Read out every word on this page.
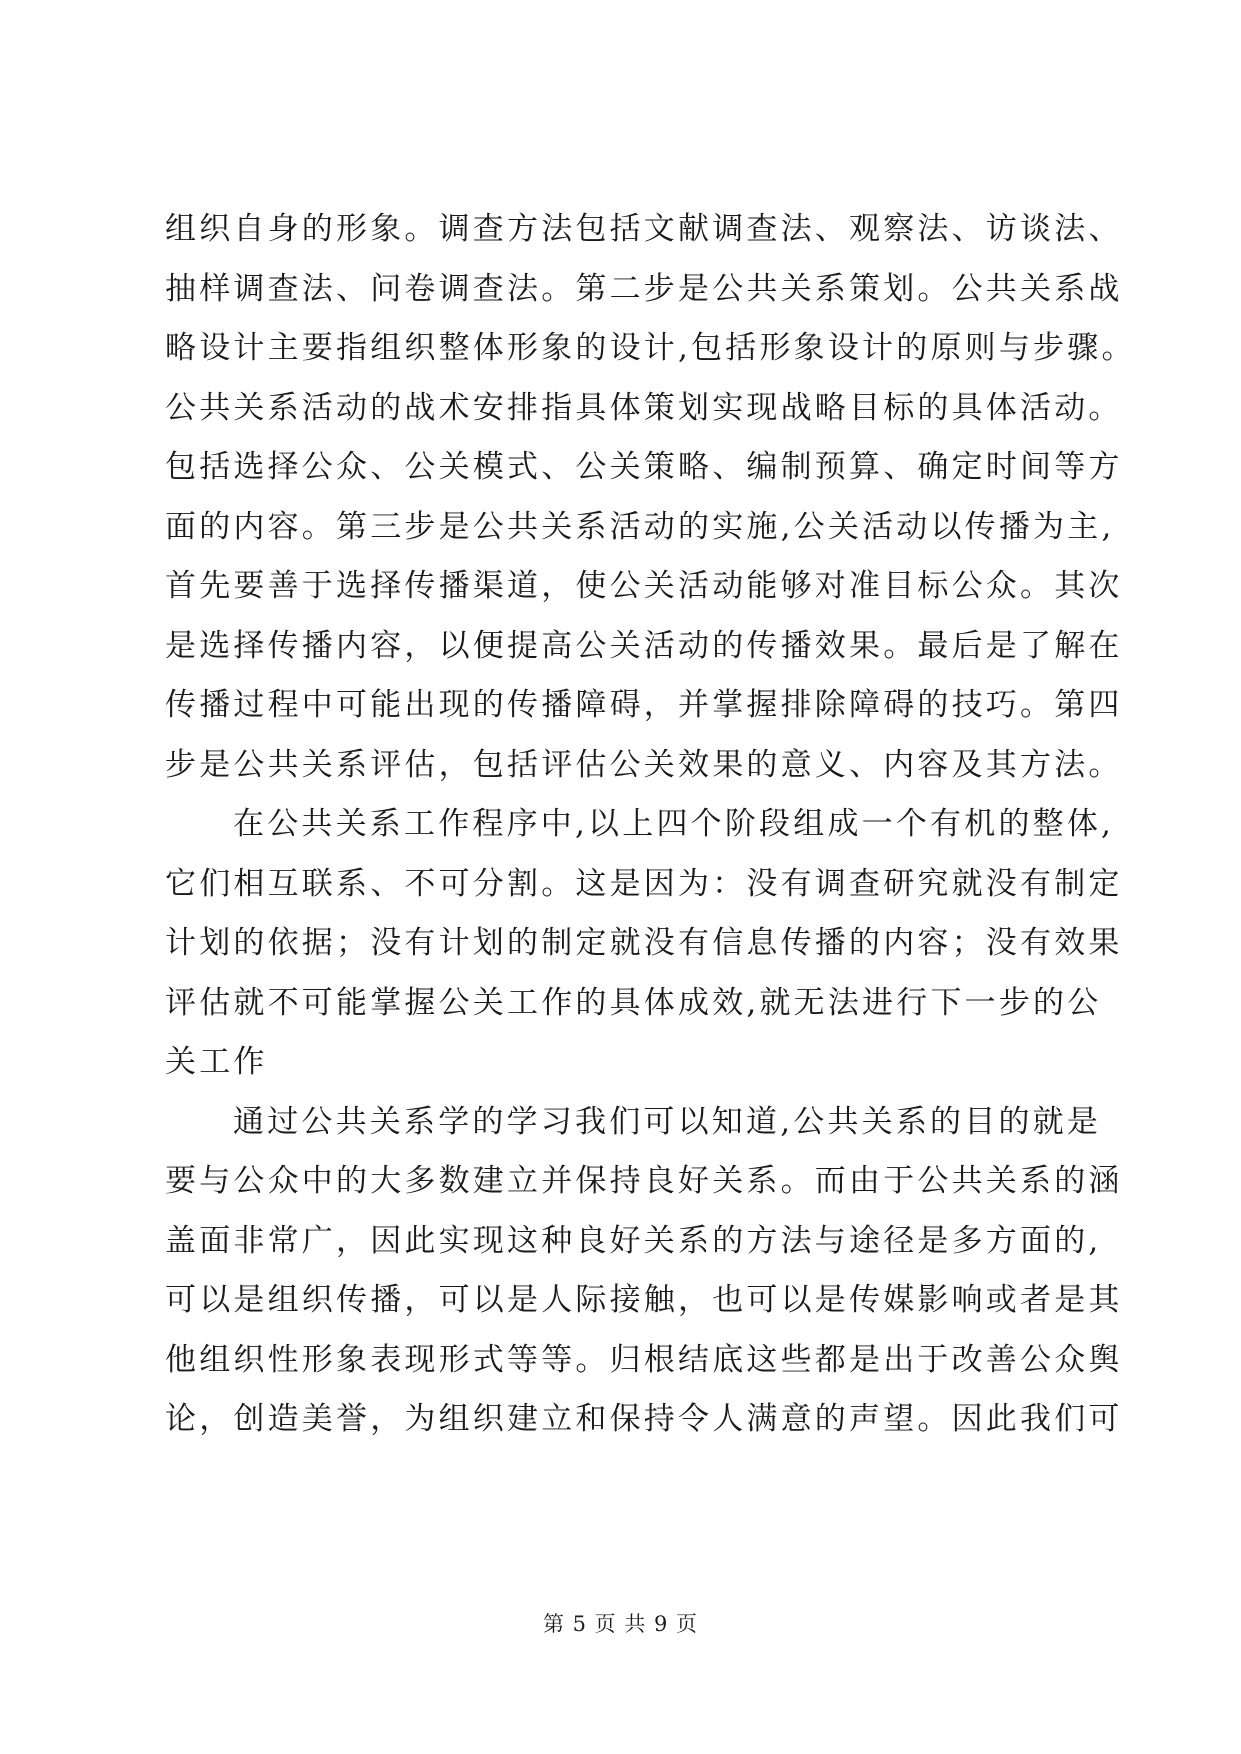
组织自身的形象。调查方法包括文献调查法、观察法、访谈法、
抽样调查法、问卷调查法。第二步是公共关系策划。公共关系战
略设计主要指组织整体形象的设计,包括形象设计的原则与步骤。
公共关系活动的战术安排指具体策划实现战略目标的具体活动。
包括选择公众、公关模式、公关策略、编制预算、确定时间等方
面的内容。第三步是公共关系活动的实施,公关活动以传播为主,
首先要善于选择传播渠道，使公关活动能够对准目标公众。其次
是选择传播内容，以便提高公关活动的传播效果。最后是了解在
传播过程中可能出现的传播障碍，并掌握排除障碍的技巧。第四
步是公共关系评估，包括评估公关效果的意义、内容及其方法。
在公共关系工作程序中,以上四个阶段组成一个有机的整体,
它们相互联系、不可分割。这是因为：没有调查研究就没有制定
计划的依据；没有计划的制定就没有信息传播的内容；没有效果
评估就不可能掌握公关工作的具体成效,就无法进行下一步的公
关工作
通过公共关系学的学习我们可以知道,公共关系的目的就是
要与公众中的大多数建立并保持良好关系。而由于公共关系的涵
盖面非常广，因此实现这种良好关系的方法与途径是多方面的,
可以是组织传播，可以是人际接触，也可以是传媒影响或者是其
他组织性形象表现形式等等。归根结底这些都是出于改善公众舆
论，创造美誉，为组织建立和保持令人满意的声望。因此我们可
第 5 页 共 9 页
